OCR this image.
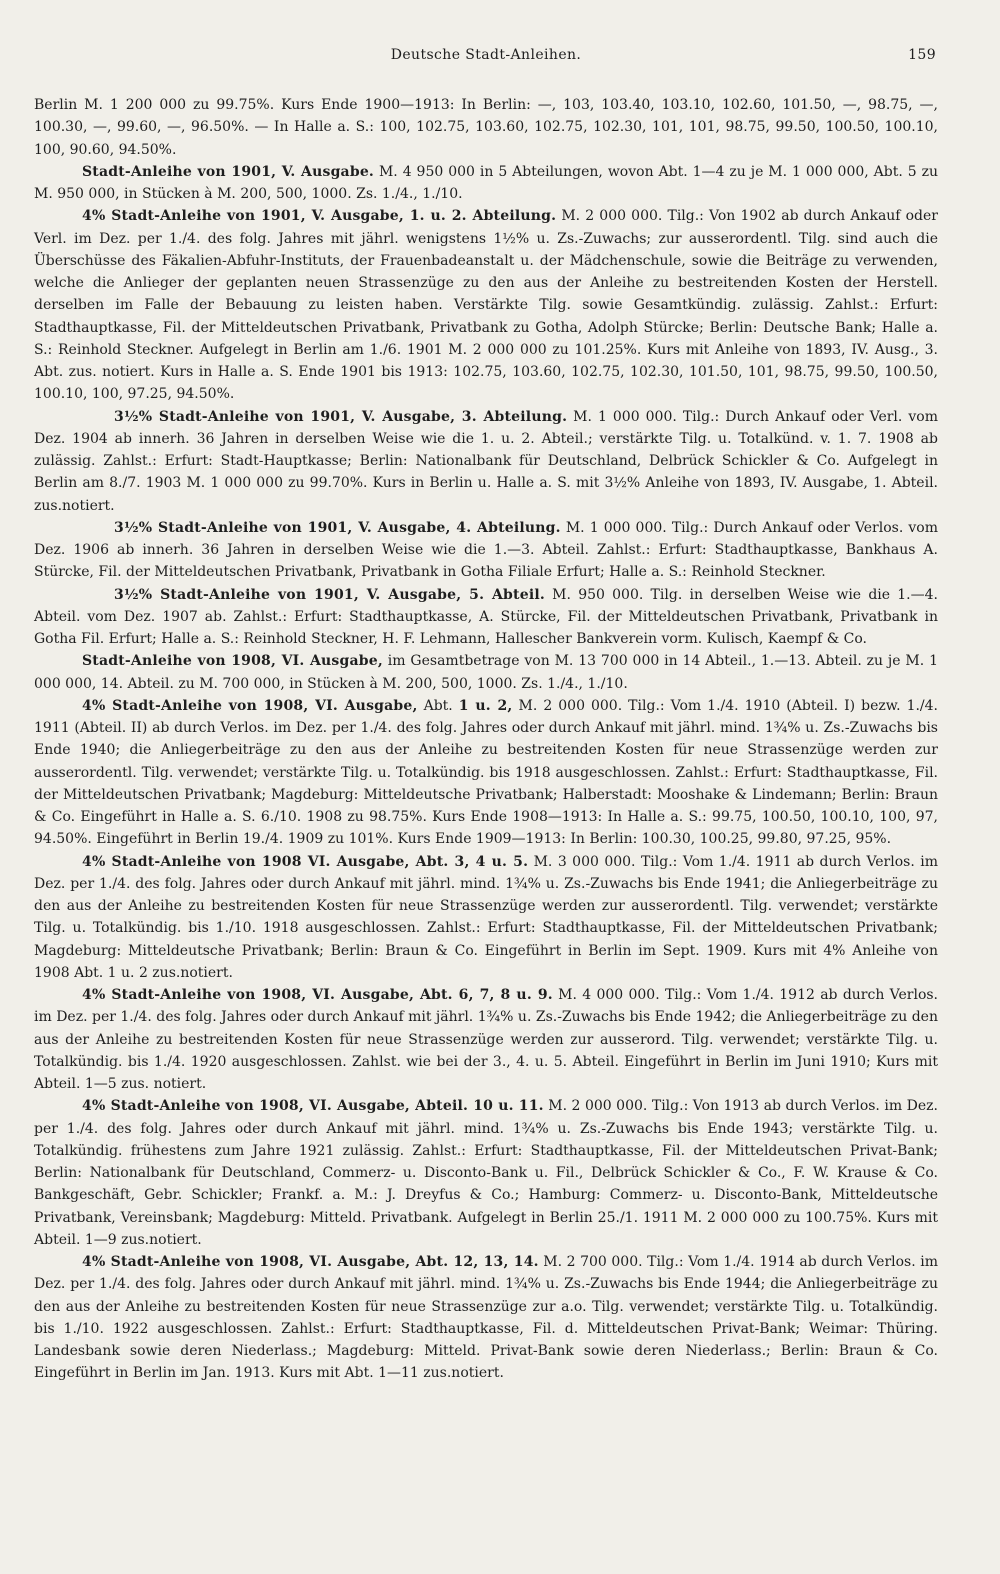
Deutsche Stadt-Anleihen.	159

Berlin M. 1 200 000 zu 99.75%. Kurs Ende 1900—1913: In Berlin: —, 103, 103.40, 103.10, 102.60, 101.50, —, 98.75, —, 100.30, —, 99.60, —, 96.50%. — In Halle a. S.: 100, 102.75, 103.60, 102.75, 102.30, 101, 101, 98.75, 99.50, 100.50, 100.10, 100, 90.60, 94.50%.

Stadt-Anleihe von 1901, V. Ausgabe. M. 4 950 000 in 5 Abteilungen, wovon Abt. 1—4 zu je M. 1 000 000, Abt. 5 zu M. 950 000, in Stücken à M. 200, 500, 1000. Zs. 1./4., 1./10.

4% Stadt-Anleihe von 1901, V. Ausgabe, 1. u. 2. Abteilung. M. 2 000 000. Tilg.: Von 1902 ab durch Ankauf oder Verl. im Dez. per 1./4. des folg. Jahres mit jährl. wenigstens 1½% u. Zs.-Zuwachs; zur ausserordentl. Tilg. sind auch die Überschüsse des Fäkalien-Abfuhr-Instituts, der Frauenbadeanstalt u. der Mädchenschule, sowie die Beiträge zu verwenden, welche die Anlieger der geplanten neuen Strassenzüge zu den aus der Anleihe zu bestreitenden Kosten der Herstell. derselben im Falle der Bebauung zu leisten haben. Verstärkte Tilg. sowie Gesamtkündig. zulässig. Zahlst.: Erfurt: Stadthauptkasse, Fil. der Mitteldeutschen Privatbank, Privatbank zu Gotha, Adolph Stürcke; Berlin: Deutsche Bank; Halle a. S.: Reinhold Steckner. Aufgelegt in Berlin am 1./6. 1901 M. 2 000 000 zu 101.25%. Kurs mit Anleihe von 1893, IV. Ausg., 3. Abt. zus. notiert. Kurs in Halle a. S. Ende 1901 bis 1913: 102.75, 103.60, 102.75, 102.30, 101.50, 101, 98.75, 99.50, 100.50, 100.10, 100, 97.25, 94.50%.

3½% Stadt-Anleihe von 1901, V. Ausgabe, 3. Abteilung. M. 1 000 000. Tilg.: Durch Ankauf oder Verl. vom Dez. 1904 ab innerh. 36 Jahren in derselben Weise wie die 1. u. 2. Abteil.; verstärkte Tilg. u. Totalkünd. v. 1. 7. 1908 ab zulässig. Zahlst.: Erfurt: Stadt-Hauptkasse; Berlin: Nationalbank für Deutschland, Delbrück Schickler & Co. Aufgelegt in Berlin am 8./7. 1903 M. 1 000 000 zu 99.70%. Kurs in Berlin u. Halle a. S. mit 3½% Anleihe von 1893, IV. Ausgabe, 1. Abteil. zus.notiert.

3½% Stadt-Anleihe von 1901, V. Ausgabe, 4. Abteilung. M. 1 000 000. Tilg.: Durch Ankauf oder Verlos. vom Dez. 1906 ab innerh. 36 Jahren in derselben Weise wie die 1.—3. Abteil. Zahlst.: Erfurt: Stadthauptkasse, Bankhaus A. Stürcke, Fil. der Mitteldeutschen Privatbank, Privatbank in Gotha Filiale Erfurt; Halle a. S.: Reinhold Steckner.

3½% Stadt-Anleihe von 1901, V. Ausgabe, 5. Abteil. M. 950 000. Tilg. in derselben Weise wie die 1.—4. Abteil. vom Dez. 1907 ab. Zahlst.: Erfurt: Stadthauptkasse, A. Stürcke, Fil. der Mitteldeutschen Privatbank, Privatbank in Gotha Fil. Erfurt; Halle a. S.: Reinhold Steckner, H. F. Lehmann, Hallescher Bankverein vorm. Kulisch, Kaempf & Co.

Stadt-Anleihe von 1908, VI. Ausgabe, im Gesamtbetrage von M. 13 700 000 in 14 Abteil., 1.—13. Abteil. zu je M. 1 000 000, 14. Abteil. zu M. 700 000, in Stücken à M. 200, 500, 1000. Zs. 1./4., 1./10.

4% Stadt-Anleihe von 1908, VI. Ausgabe, Abt. 1 u. 2, M. 2 000 000. Tilg.: Vom 1./4. 1910 (Abteil. I) bezw. 1./4. 1911 (Abteil. II) ab durch Verlos. im Dez. per 1./4. des folg. Jahres oder durch Ankauf mit jährl. mind. 1¾% u. Zs.-Zuwachs bis Ende 1940; die Anliegerbeiträge zu den aus der Anleihe zu bestreitenden Kosten für neue Strassenzüge werden zur ausserordentl. Tilg. verwendet; verstärkte Tilg. u. Totalkündig. bis 1918 ausgeschlossen. Zahlst.: Erfurt: Stadthauptkasse, Fil. der Mitteldeutschen Privatbank; Magdeburg: Mitteldeutsche Privatbank; Halberstadt: Mooshake & Lindemann; Berlin: Braun & Co. Eingeführt in Halle a. S. 6./10. 1908 zu 98.75%. Kurs Ende 1908—1913: In Halle a. S.: 99.75, 100.50, 100.10, 100, 97, 94.50%. Eingeführt in Berlin 19./4. 1909 zu 101%. Kurs Ende 1909—1913: In Berlin: 100.30, 100.25, 99.80, 97.25, 95%.

4% Stadt-Anleihe von 1908 VI. Ausgabe, Abt. 3, 4 u. 5. M. 3 000 000. Tilg.: Vom 1./4. 1911 ab durch Verlos. im Dez. per 1./4. des folg. Jahres oder durch Ankauf mit jährl. mind. 1¾% u. Zs.-Zuwachs bis Ende 1941; die Anliegerbeiträge zu den aus der Anleihe zu bestreitenden Kosten für neue Strassenzüge werden zur ausserordentl. Tilg. verwendet; verstärkte Tilg. u. Totalkündig. bis 1./10. 1918 ausgeschlossen. Zahlst.: Erfurt: Stadthauptkasse, Fil. der Mitteldeutschen Privatbank; Magdeburg: Mitteldeutsche Privatbank; Berlin: Braun & Co. Eingeführt in Berlin im Sept. 1909. Kurs mit 4% Anleihe von 1908 Abt. 1 u. 2 zus.notiert.

4% Stadt-Anleihe von 1908, VI. Ausgabe, Abt. 6, 7, 8 u. 9. M. 4 000 000. Tilg.: Vom 1./4. 1912 ab durch Verlos. im Dez. per 1./4. des folg. Jahres oder durch Ankauf mit jährl. 1¾% u. Zs.-Zuwachs bis Ende 1942; die Anliegerbeiträge zu den aus der Anleihe zu bestreitenden Kosten für neue Strassenzüge werden zur ausserord. Tilg. verwendet; verstärkte Tilg. u. Totalkündig. bis 1./4. 1920 ausgeschlossen. Zahlst. wie bei der 3., 4. u. 5. Abteil. Eingeführt in Berlin im Juni 1910; Kurs mit Abteil. 1—5 zus. notiert.

4% Stadt-Anleihe von 1908, VI. Ausgabe, Abteil. 10 u. 11. M. 2 000 000. Tilg.: Von 1913 ab durch Verlos. im Dez. per 1./4. des folg. Jahres oder durch Ankauf mit jährl. mind. 1¾% u. Zs.-Zuwachs bis Ende 1943; verstärkte Tilg. u. Totalkündig. frühestens zum Jahre 1921 zulässig. Zahlst.: Erfurt: Stadthauptkasse, Fil. der Mitteldeutschen Privat-Bank; Berlin: Nationalbank für Deutschland, Commerz- u. Disconto-Bank u. Fil., Delbrück Schickler & Co., F. W. Krause & Co. Bankgeschäft, Gebr. Schickler; Frankf. a. M.: J. Dreyfus & Co.; Hamburg: Commerz- u. Disconto-Bank, Mitteldeutsche Privatbank, Vereinsbank; Magdeburg: Mitteld. Privatbank. Aufgelegt in Berlin 25./1. 1911 M. 2 000 000 zu 100.75%. Kurs mit Abteil. 1—9 zus.notiert.

4% Stadt-Anleihe von 1908, VI. Ausgabe, Abt. 12, 13, 14. M. 2 700 000. Tilg.: Vom 1./4. 1914 ab durch Verlos. im Dez. per 1./4. des folg. Jahres oder durch Ankauf mit jährl. mind. 1¾% u. Zs.-Zuwachs bis Ende 1944; die Anliegerbeiträge zu den aus der Anleihe zu bestreitenden Kosten für neue Strassenzüge zur a.o. Tilg. verwendet; verstärkte Tilg. u. Totalkündig. bis 1./10. 1922 ausgeschlossen. Zahlst.: Erfurt: Stadthauptkasse, Fil. d. Mitteldeutschen Privat-Bank; Weimar: Thüring. Landesbank sowie deren Niederlass.; Magdeburg: Mitteld. Privat-Bank sowie deren Niederlass.; Berlin: Braun & Co. Eingeführt in Berlin im Jan. 1913. Kurs mit Abt. 1—11 zus.notiert.
